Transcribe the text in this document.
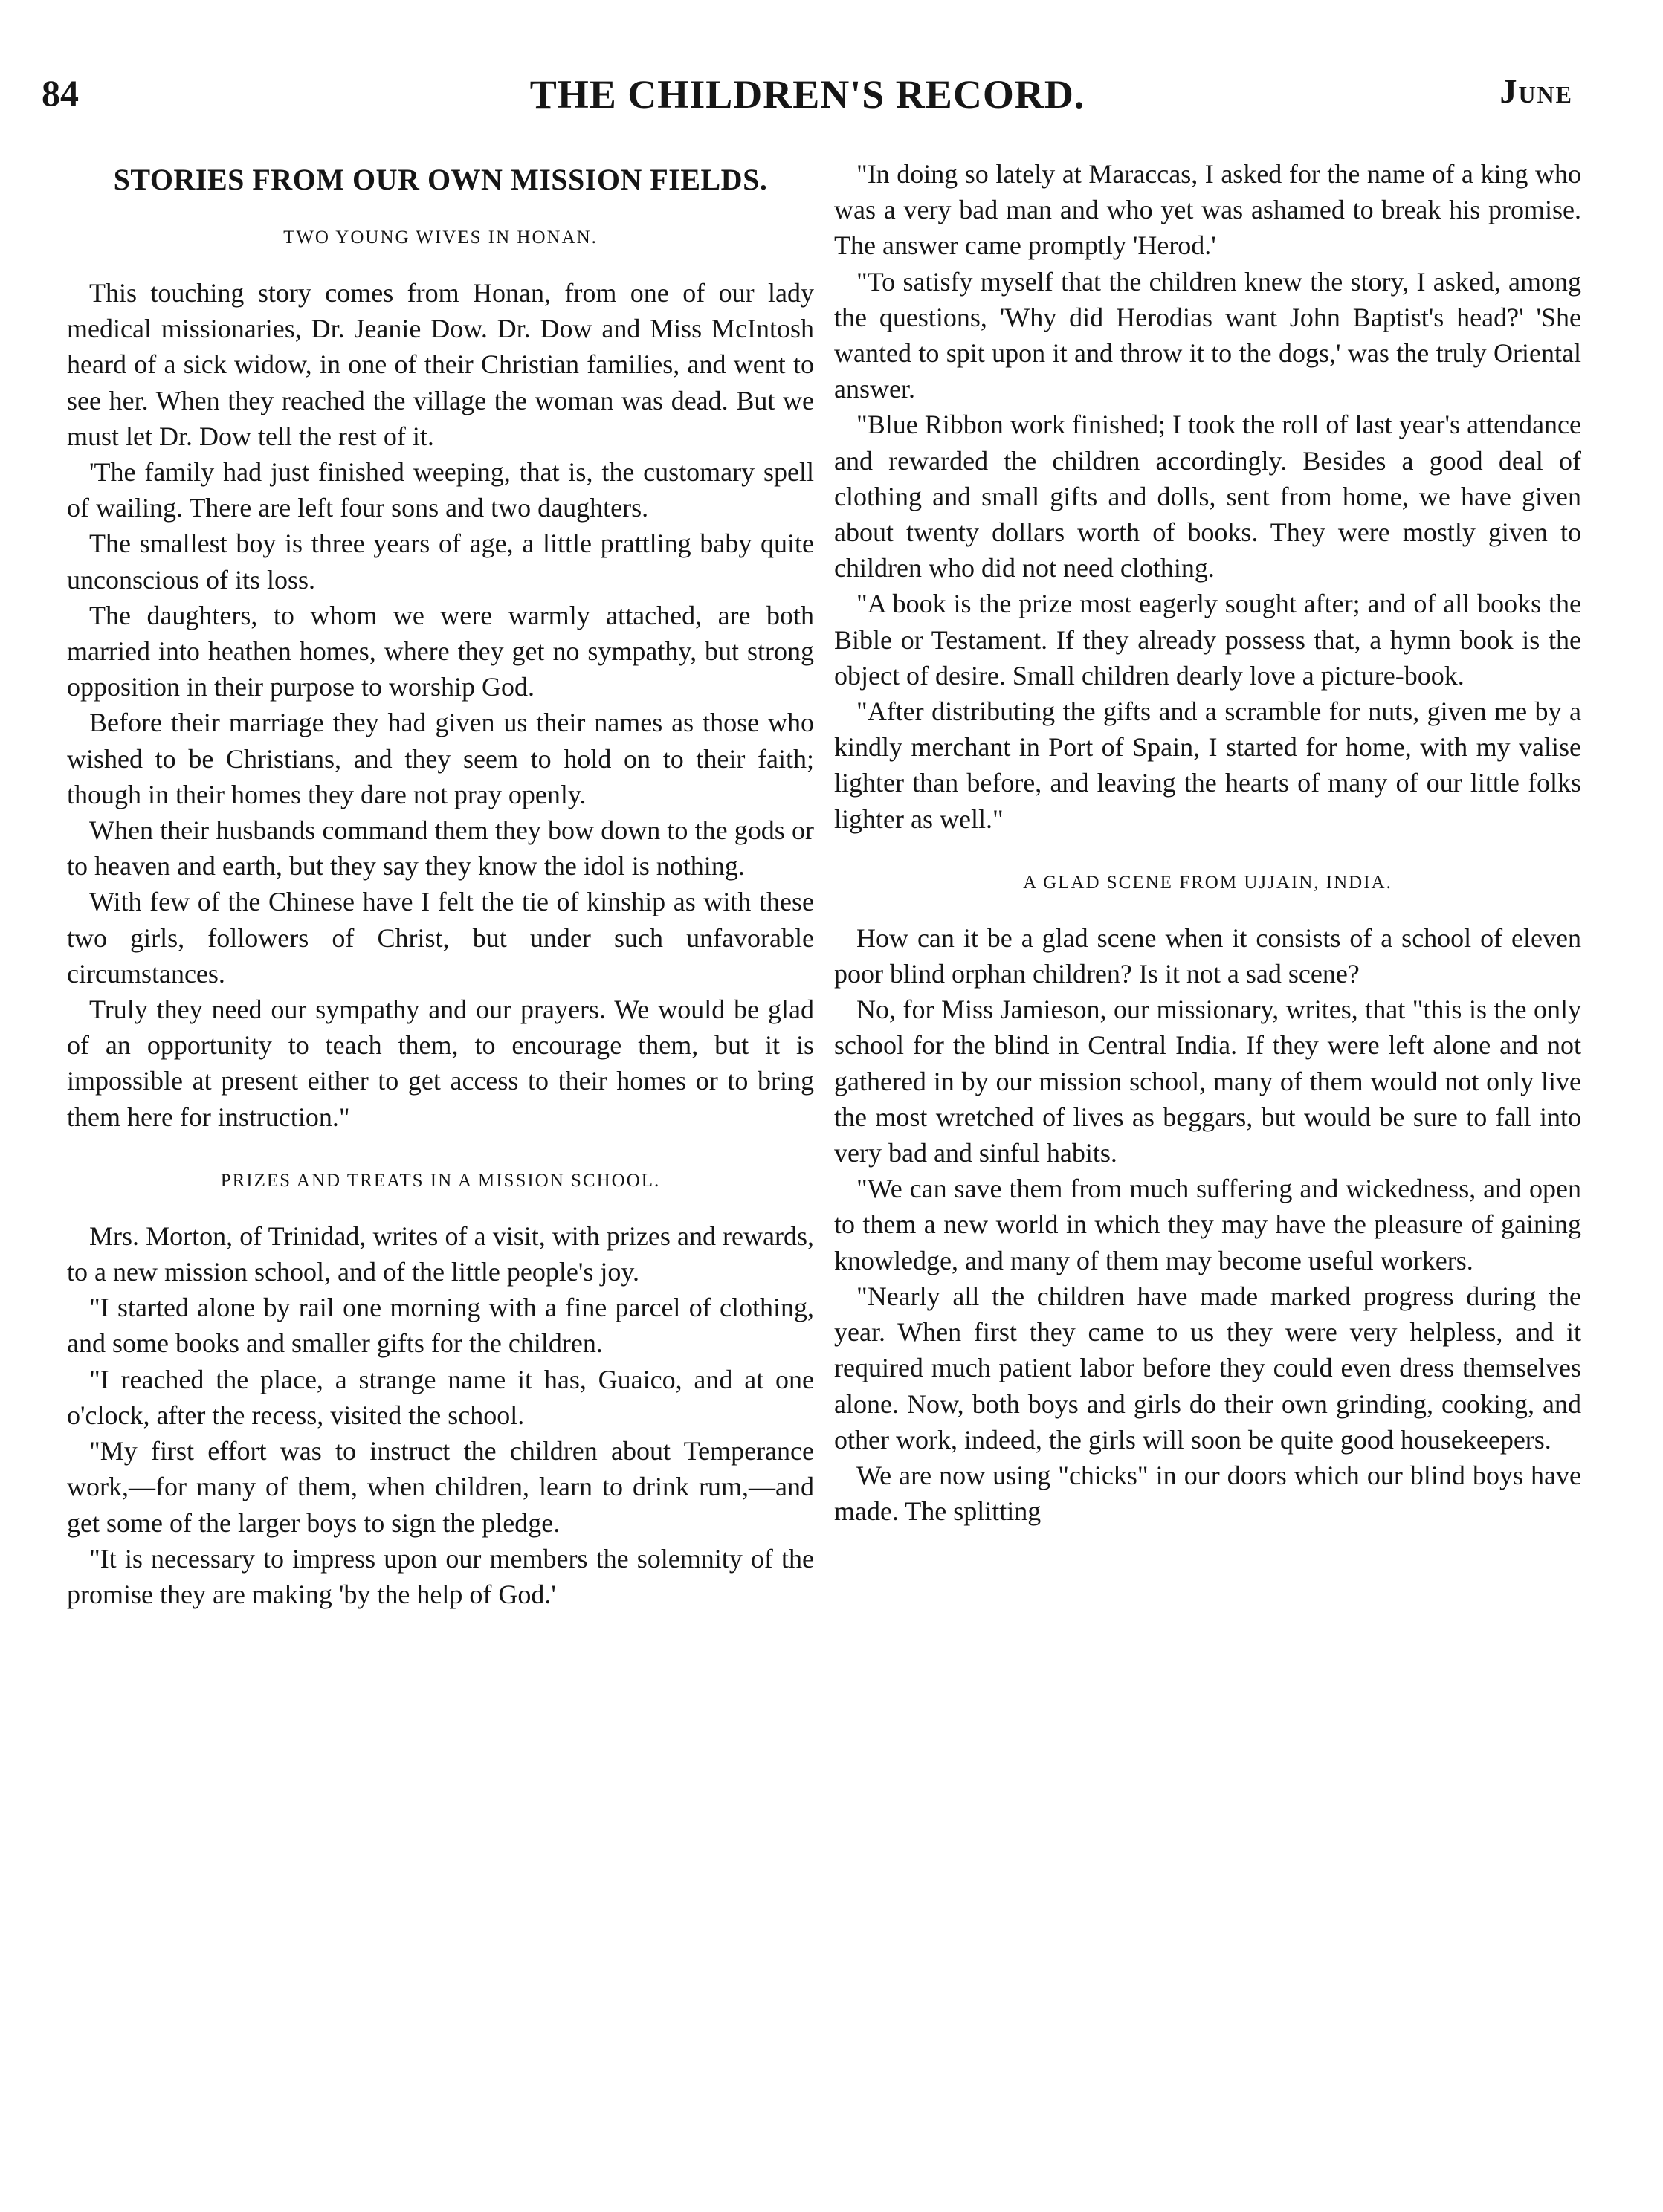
84	THE CHILDREN'S RECORD.	June
STORIES FROM OUR OWN MISSION FIELDS.
TWO YOUNG WIVES IN HONAN.

This touching story comes from Honan, from one of our lady medical missionaries, Dr. Jeanie Dow. Dr. Dow and Miss McIntosh heard of a sick widow, in one of their Christian families, and went to see her. When they reached the village the woman was dead. But we must let Dr. Dow tell the rest of it.

'The family had just finished weeping, that is, the customary spell of wailing. There are left four sons and two daughters.

The smallest boy is three years of age, a little prattling baby quite unconscious of its loss.

The daughters, to whom we were warmly attached, are both married into heathen homes, where they get no sympathy, but strong opposition in their purpose to worship God.

Before their marriage they had given us their names as those who wished to be Christians, and they seem to hold on to their faith; though in their homes they dare not pray openly.

When their husbands command them they bow down to the gods or to heaven and earth, but they say they know the idol is nothing.

With few of the Chinese have I felt the tie of kinship as with these two girls, followers of Christ, but under such unfavorable circumstances.

Truly they need our sympathy and our prayers. We would be glad of an opportunity to teach them, to encourage them, but it is impossible at present either to get access to their homes or to bring them here for instruction."

PRIZES AND TREATS IN A MISSION SCHOOL.

Mrs. Morton, of Trinidad, writes of a visit, with prizes and rewards, to a new mission school, and of the little people's joy.

"I started alone by rail one morning with a fine parcel of clothing, and some books and smaller gifts for the children.

"I reached the place, a strange name it has, Guaico, and at one o'clock, after the recess, visited the school.

"My first effort was to instruct the children about Temperance work,—for many of them, when children, learn to drink rum,—and get some of the larger boys to sign the pledge.

"It is necessary to impress upon our members the solemnity of the promise they are making 'by the help of God.'

"In doing so lately at Maraccas, I asked for the name of a king who was a very bad man and who yet was ashamed to break his promise. The answer came promptly 'Herod.'

"To satisfy myself that the children knew the story, I asked, among the questions, 'Why did Herodias want John Baptist's head?' 'She wanted to spit upon it and throw it to the dogs,' was the truly Oriental answer.

"Blue Ribbon work finished; I took the roll of last year's attendance and rewarded the children accordingly. Besides a good deal of clothing and small gifts and dolls, sent from home, we have given about twenty dollars worth of books. They were mostly given to children who did not need clothing.

"A book is the prize most eagerly sought after; and of all books the Bible or Testament. If they already possess that, a hymn book is the object of desire. Small children dearly love a picture-book.

"After distributing the gifts and a scramble for nuts, given me by a kindly merchant in Port of Spain, I started for home, with my valise lighter than before, and leaving the hearts of many of our little folks lighter as well."

A GLAD SCENE FROM UJJAIN, INDIA.

How can it be a glad scene when it consists of a school of eleven poor blind orphan children? Is it not a sad scene?

No, for Miss Jamieson, our missionary, writes, that "this is the only school for the blind in Central India. If they were left alone and not gathered in by our mission school, many of them would not only live the most wretched of lives as beggars, but would be sure to fall into very bad and sinful habits.

"We can save them from much suffering and wickedness, and open to them a new world in which they may have the pleasure of gaining knowledge, and many of them may become useful workers.

"Nearly all the children have made marked progress during the year. When first they came to us they were very helpless, and it required much patient labor before they could even dress themselves alone. Now, both boys and girls do their own grinding, cooking, and other work, indeed, the girls will soon be quite good housekeepers.

We are now using "chicks" in our doors which our blind boys have made. The splitting
